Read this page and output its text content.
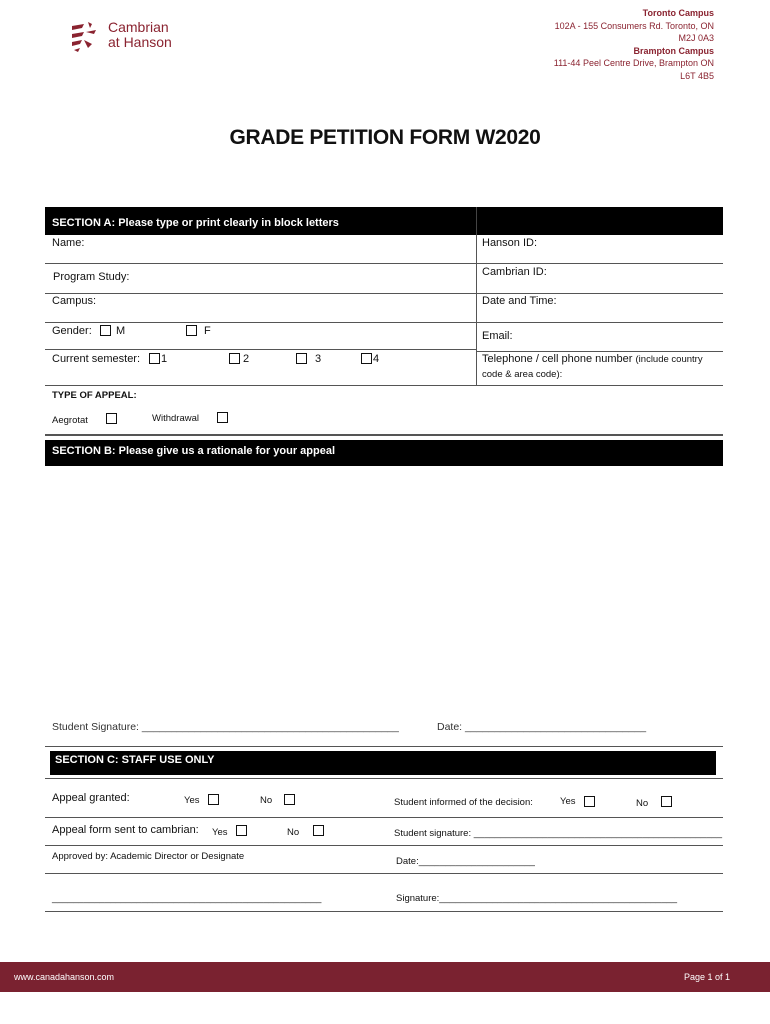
Cambrian
at Hanson
Toronto Campus
102A - 155 Consumers Rd. Toronto, ON
M2J 0A3
Brampton Campus
111-44 Peel Centre Drive, Brampton ON
L6T 4B5
GRADE PETITION FORM W2020
SECTION A: Please type or print clearly in block letters
Name:	Hanson ID:
Program Study:	Cambrian ID:
Campus:	Date and Time:
Gender: M	F	Email:
Current semester: 1	2	3	4	Telephone / cell phone number (include country
code & area code):
TYPE OF APPEAL:
Aegrotat	Withdrawal
SECTION B: Please give us a rationale for your appeal
Student Signature: ____________________________________________	Date: _______________________________
SECTION C: STAFF USE ONLY
Appeal granted:	Yes	No	Student informed of the decision:	Yes	No
Appeal form sent to cambrian: Yes	No	Student signature: _______________________________________________
Approved by: Academic Director or Designate	Date:______________________
___________________________________________________	Signature:_____________________________________________
www.canadahanson.com	Page 1 of 1
